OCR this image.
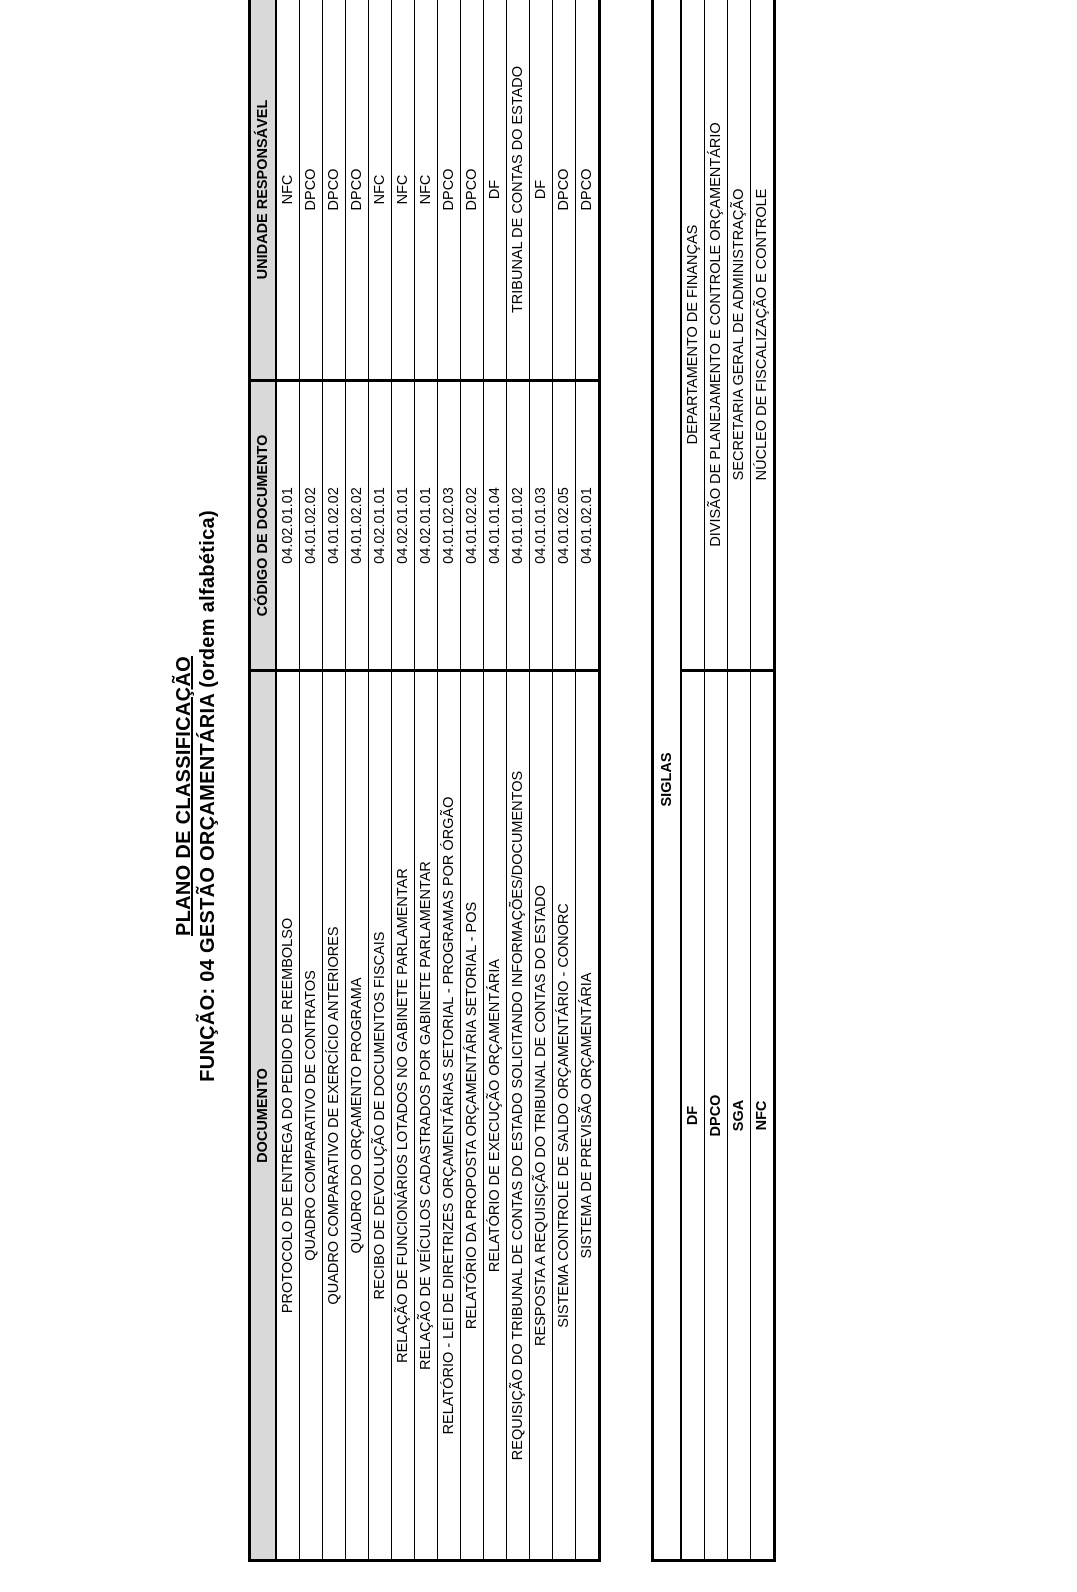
PLANO DE CLASSIFICAÇÃO FUNÇÃO: 04 GESTÃO ORÇAMENTÁRIA (ordem alfabética)
DOCUMENTO	CÓDIGO DE DOCUMENTO	UNIDADE RESPONSÁVEL
PROTOCOLO DE ENTREGA DO PEDIDO DE REEMBOLSO	04.02.01.01	NFC
QUADRO COMPARATIVO DE CONTRATOS	04.01.02.02	DPCO
QUADRO COMPARATIVO DE EXERCÍCIO ANTERIORES	04.01.02.02	DPCO
QUADRO DO ORÇAMENTO PROGRAMA	04.01.02.02	DPCO
RECIBO DE DEVOLUÇÃO DE DOCUMENTOS FISCAIS	04.02.01.01	NFC
RELAÇÃO DE FUNCIONÁRIOS LOTADOS NO GABINETE PARLAMENTAR	04.02.01.01	NFC
RELAÇÃO DE VEÍCULOS CADASTRADOS POR GABINETE PARLAMENTAR	04.02.01.01	NFC
RELATÓRIO - LEI DE DIRETRIZES ORÇAMENTÁRIAS SETORIAL - PROGRAMAS POR ÓRGÃO	04.01.02.03	DPCO
RELATÓRIO DA PROPOSTA ORÇAMENTÁRIA SETORIAL - POS	04.01.02.02	DPCO
RELATÓRIO DE EXECUÇÃO ORÇAMENTÁRIA	04.01.01.04	DF
REQUISIÇÃO DO TRIBUNAL DE CONTAS DO ESTADO SOLICITANDO INFORMAÇÕES/DOCUMENTOS	04.01.01.02	TRIBUNAL DE CONTAS DO ESTADO
RESPOSTA A REQUISIÇÃO DO TRIBUNAL DE CONTAS DO ESTADO	04.01.01.03	DF
SISTEMA CONTROLE DE SALDO ORÇAMENTÁRIO - CONORC	04.01.02.05	DPCO
SISTEMA DE PREVISÃO ORÇAMENTÁRIA	04.01.02.01	DPCO
SIGLAS	
DF	DEPARTAMENTO DE FINANÇAS
DPCO	DIVISÃO DE PLANEJAMENTO E CONTROLE ORÇAMENTÁRIO
SGA	SECRETARIA GERAL DE ADMINISTRAÇÃO
NFC	NÚCLEO DE FISCALIZAÇÃO E CONTROLE
